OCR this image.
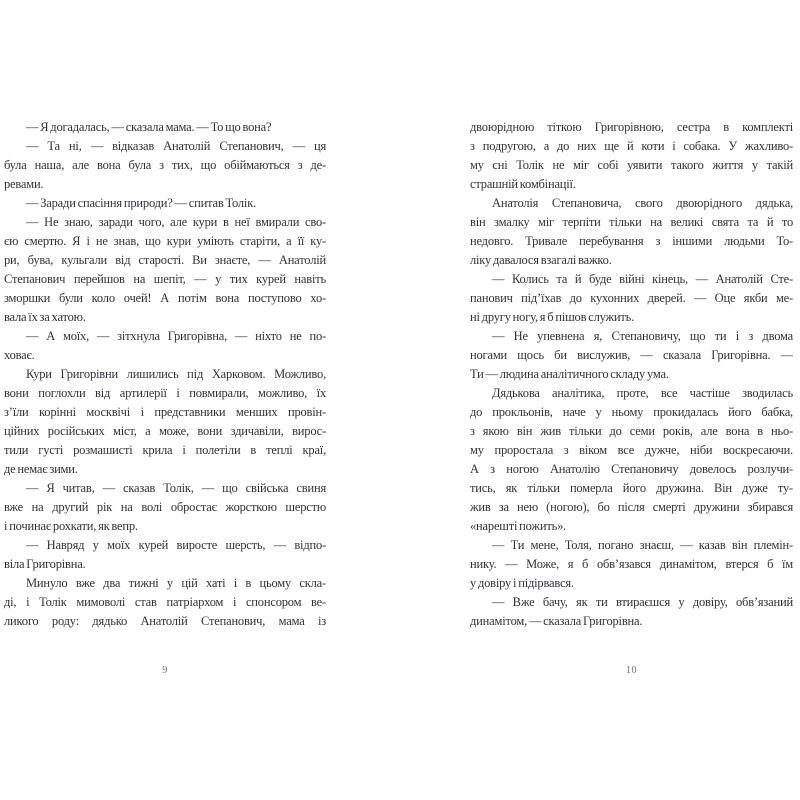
— Я догадалась, — сказала мама. — То що вона?
— Та ні, — відказав Анатолій Степанович, — ця
була наша, але вона була з тих, що обіймаються з де-
ревами.
— Заради спасіння природи? — спитав Толік.
— Не знаю, заради чого, але кури в неї вмирали сво-
єю смертю. Я і не знав, що кури уміють старіти, а її ку-
ри, бува, кульгали від старості. Ви знаєте, — Анатолій
Степанович перейшов на шепіт, — у тих курей навіть
зморшки були коло очей! А потім вона поступово хо-
вала їх за хатою.
— А моїх, — зітхнула Григорівна, — ніхто не по-
ховає.
Кури Григорівни лишились під Харковом. Можливо,
вони поглохли від артилерії і повмирали, можливо, їх
з’їли корінні москвічі і представники менших провін-
ційних російських міст, а може, вони здичавіли, вирос-
тили густі розмашисті крила і полетіли в теплі краї,
де немає зими.
— Я читав, — сказав Толік, — що свійська свиня
вже на другий рік на волі обростає жорсткою шерстю
і починає рохкати, як вепр.
— Навряд у моїх курей виросте шерсть, — відпо-
віла Григорівна.
Минуло вже два тижні у цій хаті і в цьому скла-
ді, і Толік мимоволі став патріархом і спонсором ве-
ликого роду: дядько Анатолій Степанович, мама із
двоюрідною тіткою Григорівною, сестра в комплекті
з подругою, а до них ще й коти і собака. У жахливо-
му сні Толік не міг собі уявити такого життя у такій
страшній комбінації.
Анатолія Степановича, свого двоюрідного дядька,
він змалку міг терпіти тільки на великі свята та й то
недовго. Тривале перебування з іншими людьми То-
ліку давалося взагалі важко.
— Колись та й буде війні кінець, — Анатолій Сте-
панович під’їхав до кухонних дверей. — Оце якби ме-
ні другу ногу, я б пішов служить.
— Не упевнена я, Степановичу, що ти і з двома
ногами щось би вислужив, — сказала Григорівна. —
Ти — людина аналітичного складу ума.
Дядькова аналітика, проте, все частіше зводилась
до прокльонів, наче у ньому прокидалась його бабка,
з якою він жив тільки до семи років, але вона в ньо-
му проростала з віком все дужче, ніби воскресаючи.
А з ногою Анатолію Степановичу довелось розлучи-
тись, як тільки померла його дружина. Він дуже ту-
жив за нею (ногою), бо після смерті дружини збирався
«нарешті пожить».
— Ти мене, Толя, погано знаєш, — казав він племін-
нику. — Може, я б обв’язався динамітом, втерся б їм
у довіру і підірвався.
— Вже бачу, як ти втираєшся у довіру, обв’язаний
динамітом, — сказала Григорівна.
9	10
